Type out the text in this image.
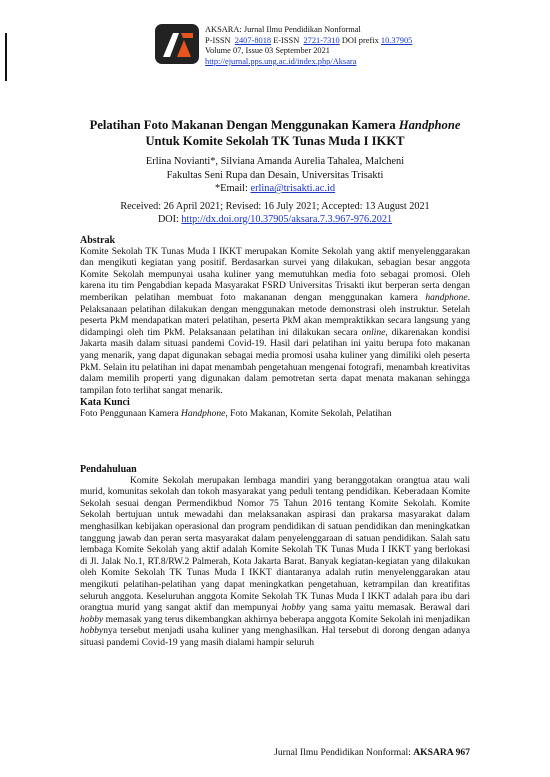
AKSARA: Jurnal Ilmu Pendidikan Nonformal
P-ISSN 2407-8018 E-ISSN 2721-7310 DOI prefix 10.37905
Volume 07, Issue 03 September 2021
http://ejurnal.pps.ung.ac.id/index.php/Aksara
Pelatihan Foto Makanan Dengan Menggunakan Kamera Handphone
Untuk Komite Sekolah TK Tunas Muda I IKKT
Erlina Novianti*, Silviana Amanda Aurelia Tahalea, Malcheni
Fakultas Seni Rupa dan Desain, Universitas Trisakti
*Email: erlina@trisakti.ac.id
Received: 26 April 2021; Revised: 16 July 2021; Accepted: 13 August 2021
DOI: http://dx.doi.org/10.37905/aksara.7.3.967-976.2021
Abstrak
Komite Sekolah TK Tunas Muda I IKKT merupakan Komite Sekolah yang aktif menyelenggarakan dan mengikuti kegiatan yang positif. Berdasarkan survei yang dilakukan, sebagian besar anggota Komite Sekolah mempunyai usaha kuliner yang memutuhkan media foto sebagai promosi. Oleh karena itu tim Pengabdian kepada Masyarakat FSRD Universitas Trisakti ikut berperan serta dengan memberikan pelatihan membuat foto makananan dengan menggunakan kamera handphone. Pelaksanaan pelatihan dilakukan dengan menggunakan metode demonstrasi oleh instruktur. Setelah peserta PkM mendapatkan materi pelatihan, peserta PkM akan mempraktikkan secara langsung yang didampingi oleh tim PkM. Pelaksanaan pelatihan ini dilakukan secara online, dikarenakan kondisi Jakarta masih dalam situasi pandemi Covid-19. Hasil dari pelatihan ini yaitu berupa foto makanan yang menarik, yang dapat digunakan sebagai media promosi usaha kuliner yang dimiliki oleh peserta PkM. Selain itu pelatihan ini dapat menambah pengetahuan mengenai fotografi, menambah kreativitas dalam memilih properti yang digunakan dalam pemotretan serta dapat menata makanan sehingga tampilan foto terlihat sangat menarik.
Kata Kunci
Foto Penggunaan Kamera Handphone, Foto Makanan, Komite Sekolah, Pelatihan
Pendahuluan
Komite Sekolah merupakan lembaga mandiri yang beranggotakan orangtua atau wali murid, komunitas sekolah dan tokoh masyarakat yang peduli tentang pendidikan. Keberadaan Komite Sekolah sesuai dengan Permendikbud Nomor 75 Tahun 2016 tentang Komite Sekolah. Komite Sekolah bertujuan untuk mewadahi dan melaksanakan aspirasi dan prakarsa masyarakat dalam menghasilkan kebijakan operasional dan program pendidikan di satuan pendidikan dan meningkatkan tanggung jawab dan peran serta masyarakat dalam penyelenggaraan di satuan pendidikan. Salah satu lembaga Komite Sekolah yang aktif adalah Komite Sekolah TK Tunas Muda I IKKT yang berlokasi di Jl. Jalak No.1, RT.8/RW.2 Palmerah, Kota Jakarta Barat. Banyak kegiatan-kegiatan yang dilakukan oleh Komite Sekolah TK Tunas Muda I IKKT diantaranya adalah rutin menyelenggarakan atau mengikuti pelatihan-pelatihan yang dapat meningkatkan pengetahuan, ketrampilan dan kreatifitas seluruh anggota. Keseluruhan anggota Komite Sekolah TK Tunas Muda I IKKT adalah para ibu dari orangtua murid yang sangat aktif dan mempunyai hobby yang sama yaitu memasak. Berawal dari hobby memasak yang terus dikembangkan akhirnya beberapa anggota Komite Sekolah ini menjadikan hobbynya tersebut menjadi usaha kuliner yang menghasilkan. Hal tersebut di dorong dengan adanya situasi pandemi Covid-19 yang masih dialami hampir seluruh
Jurnal Ilmu Pendidikan Nonformal: AKSARA 967
